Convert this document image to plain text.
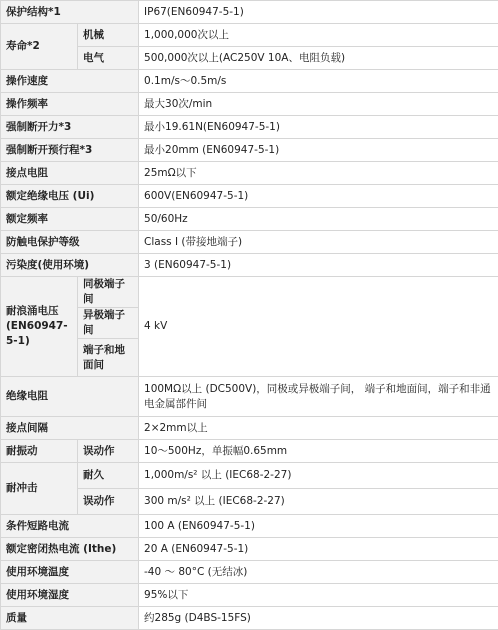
保护结构*1		IP67(EN60947-5-1)
寿命*2	机械	1,000,000次以上
	电气	500,000次以上(AC250V 10A、电阻负载)
操作速度		0.1m/s～0.5m/s
操作频率		最大30次/min
强制断开力*3		最小19.61N(EN60947-5-1)
强制断开预行程*3		最小20mm (EN60947-5-1)
接点电阻		25mΩ以下
额定绝缘电压 (Ui)		600V(EN60947-5-1)
额定频率		50/60Hz
防触电保护等级		Class I (带接地端子)
污染度(使用环境)		3 (EN60947-5-1)
耐浪涌电压 (EN60947-5-1)	同极端子间	4 kV
	异极端子间	
	端子和地面间	
绝缘电阻		100MΩ以上 (DC500V)，同极或异极端子间， 端子和地面间，端子和非通电金属部件间
接点间隔		2×2mm以上
耐振动	误动作	10～500Hz，单振幅0.65mm
耐冲击	耐久	1,000m/s² 以上 (IEC68-2-27)
	误动作	300 m/s² 以上 (IEC68-2-27)
条件短路电流		100 A (EN60947-5-1)
额定密闭热电流 (Ithe)		20 A (EN60947-5-1)
使用环境温度		-40 ～ 80°C (无结冰)
使用环境湿度		95%以下
质量		约285g (D4BS-15FS)
